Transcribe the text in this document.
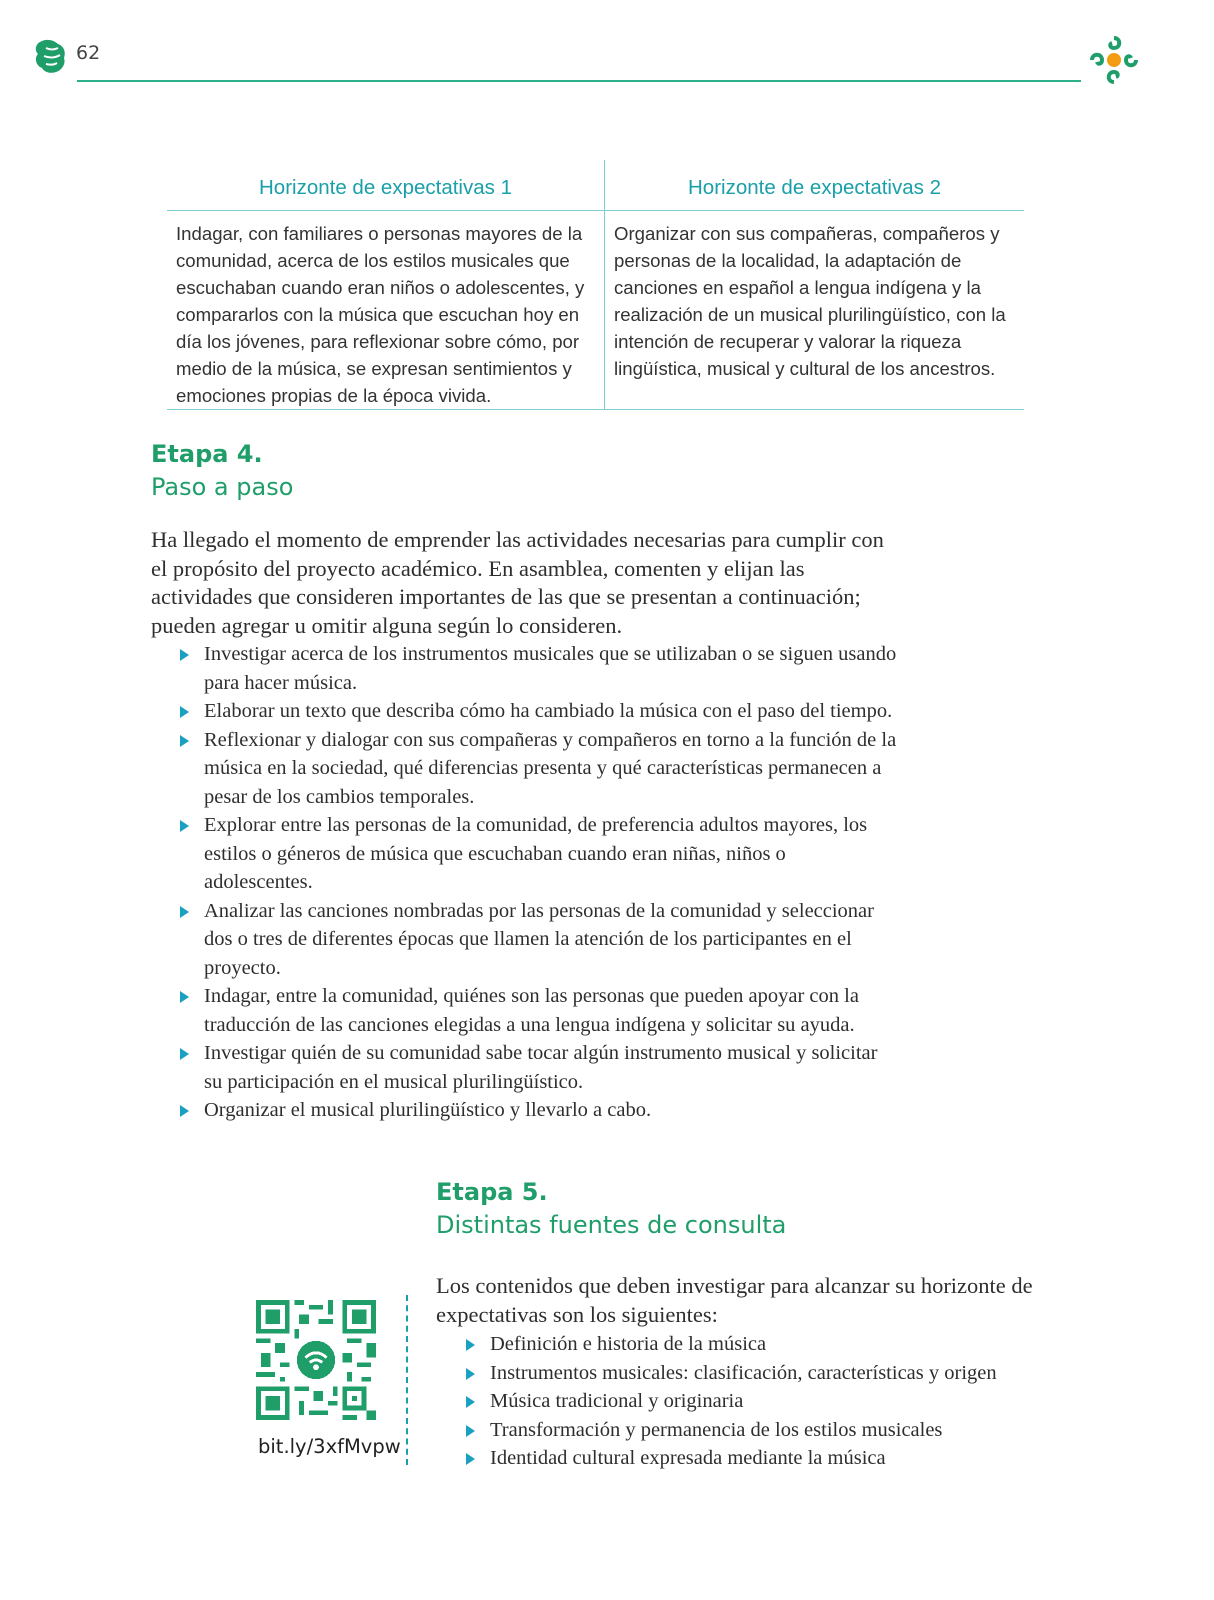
62
Horizonte de expectativas 1
Indagar, con familiares o personas mayores de la comunidad, acerca de los estilos musicales que escuchaban cuando eran niños o adolescentes, y compararlos con la música que escuchan hoy en día los jóvenes, para reflexionar sobre cómo, por medio de la música, se expresan sentimientos y emociones propias de la época vivida.
Horizonte de expectativas 2
Organizar con sus compañeras, compañeros y personas de la localidad, la adaptación de canciones en español a lengua indígena y la realización de un musical plurilingüístico, con la intención de recuperar y valorar la riqueza lingüística, musical y cultural de los ancestros.
Etapa 4.
Paso a paso

Ha llegado el momento de emprender las actividades necesarias para cumplir con el propósito del proyecto académico. En asamblea, comenten y elijan las actividades que consideren importantes de las que se presentan a continuación; pueden agregar u omitir alguna según lo consideren.

Investigar acerca de los instrumentos musicales que se utilizaban o se siguen usando para hacer música.
Elaborar un texto que describa cómo ha cambiado la música con el paso del tiempo.
Reflexionar y dialogar con sus compañeras y compañeros en torno a la función de la música en la sociedad, qué diferencias presenta y qué características permanecen a pesar de los cambios temporales.
Explorar entre las personas de la comunidad, de preferencia adultos mayores, los estilos o géneros de música que escuchaban cuando eran niñas, niños o adolescentes.
Analizar las canciones nombradas por las personas de la comunidad y seleccionar dos o tres de diferentes épocas que llamen la atención de los participantes en el proyecto.
Indagar, entre la comunidad, quiénes son las personas que pueden apoyar con la traducción de las canciones elegidas a una lengua indígena y solicitar su ayuda.
Investigar quién de su comunidad sabe tocar algún instrumento musical y solicitar su participación en el musical plurilingüístico.
Organizar el musical plurilingüístico y llevarlo a cabo.
Etapa 5.
Distintas fuentes de consulta
bit.ly/3xfMvpw

Los contenidos que deben investigar para alcanzar su horizonte de expectativas son los siguientes:

Definición e historia de la música
Instrumentos musicales: clasificación, características y origen
Música tradicional y originaria
Transformación y permanencia de los estilos musicales
Identidad cultural expresada mediante la música
